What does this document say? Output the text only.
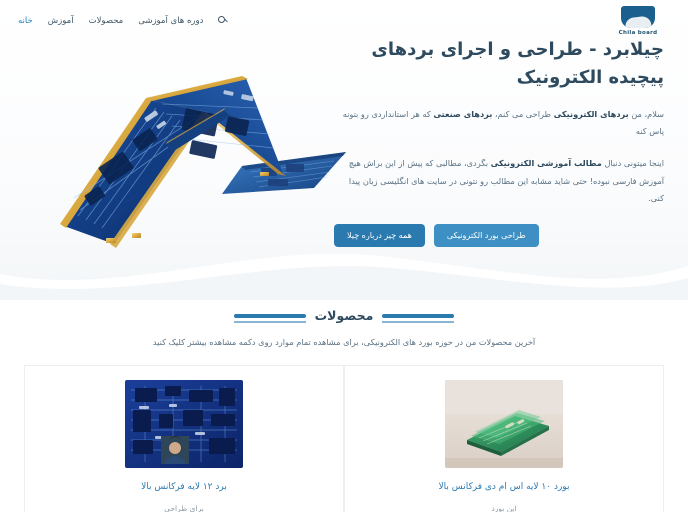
Chila board
دوره های آموزشی
محصولات
آموزش
خانه
چیلابرد - طراحی و اجرای بردهای پیچیده الکترونیک
سلام، من بردهای الکترونیکی طراحی می کنم، بردهای صنعتی که هر استانداردی رو بتونه پاس کنه
اینجا میتونی دنبال مطالب آموزشی الکترونیکی بگردی، مطالبی که پیش از این براش هیچ آموزش فارسی نبوده! حتی شاید مشابه این مطالب رو نتونی در سایت های انگلیسی زبان پیدا کنی.
طراحی بورد الکترونیکی
همه چیز درباره چیلا
محصولات
آخرین محصولات من در حوزه بورد های الکترونیکی، برای مشاهده تمام موارد روی دکمه مشاهده بیشتر کلیک کنید
بورد ۱۰ لایه اس ام دی فرکانس بالا
این بورد
برد ۱۲ لایه فرکانس بالا
برای طراحی
